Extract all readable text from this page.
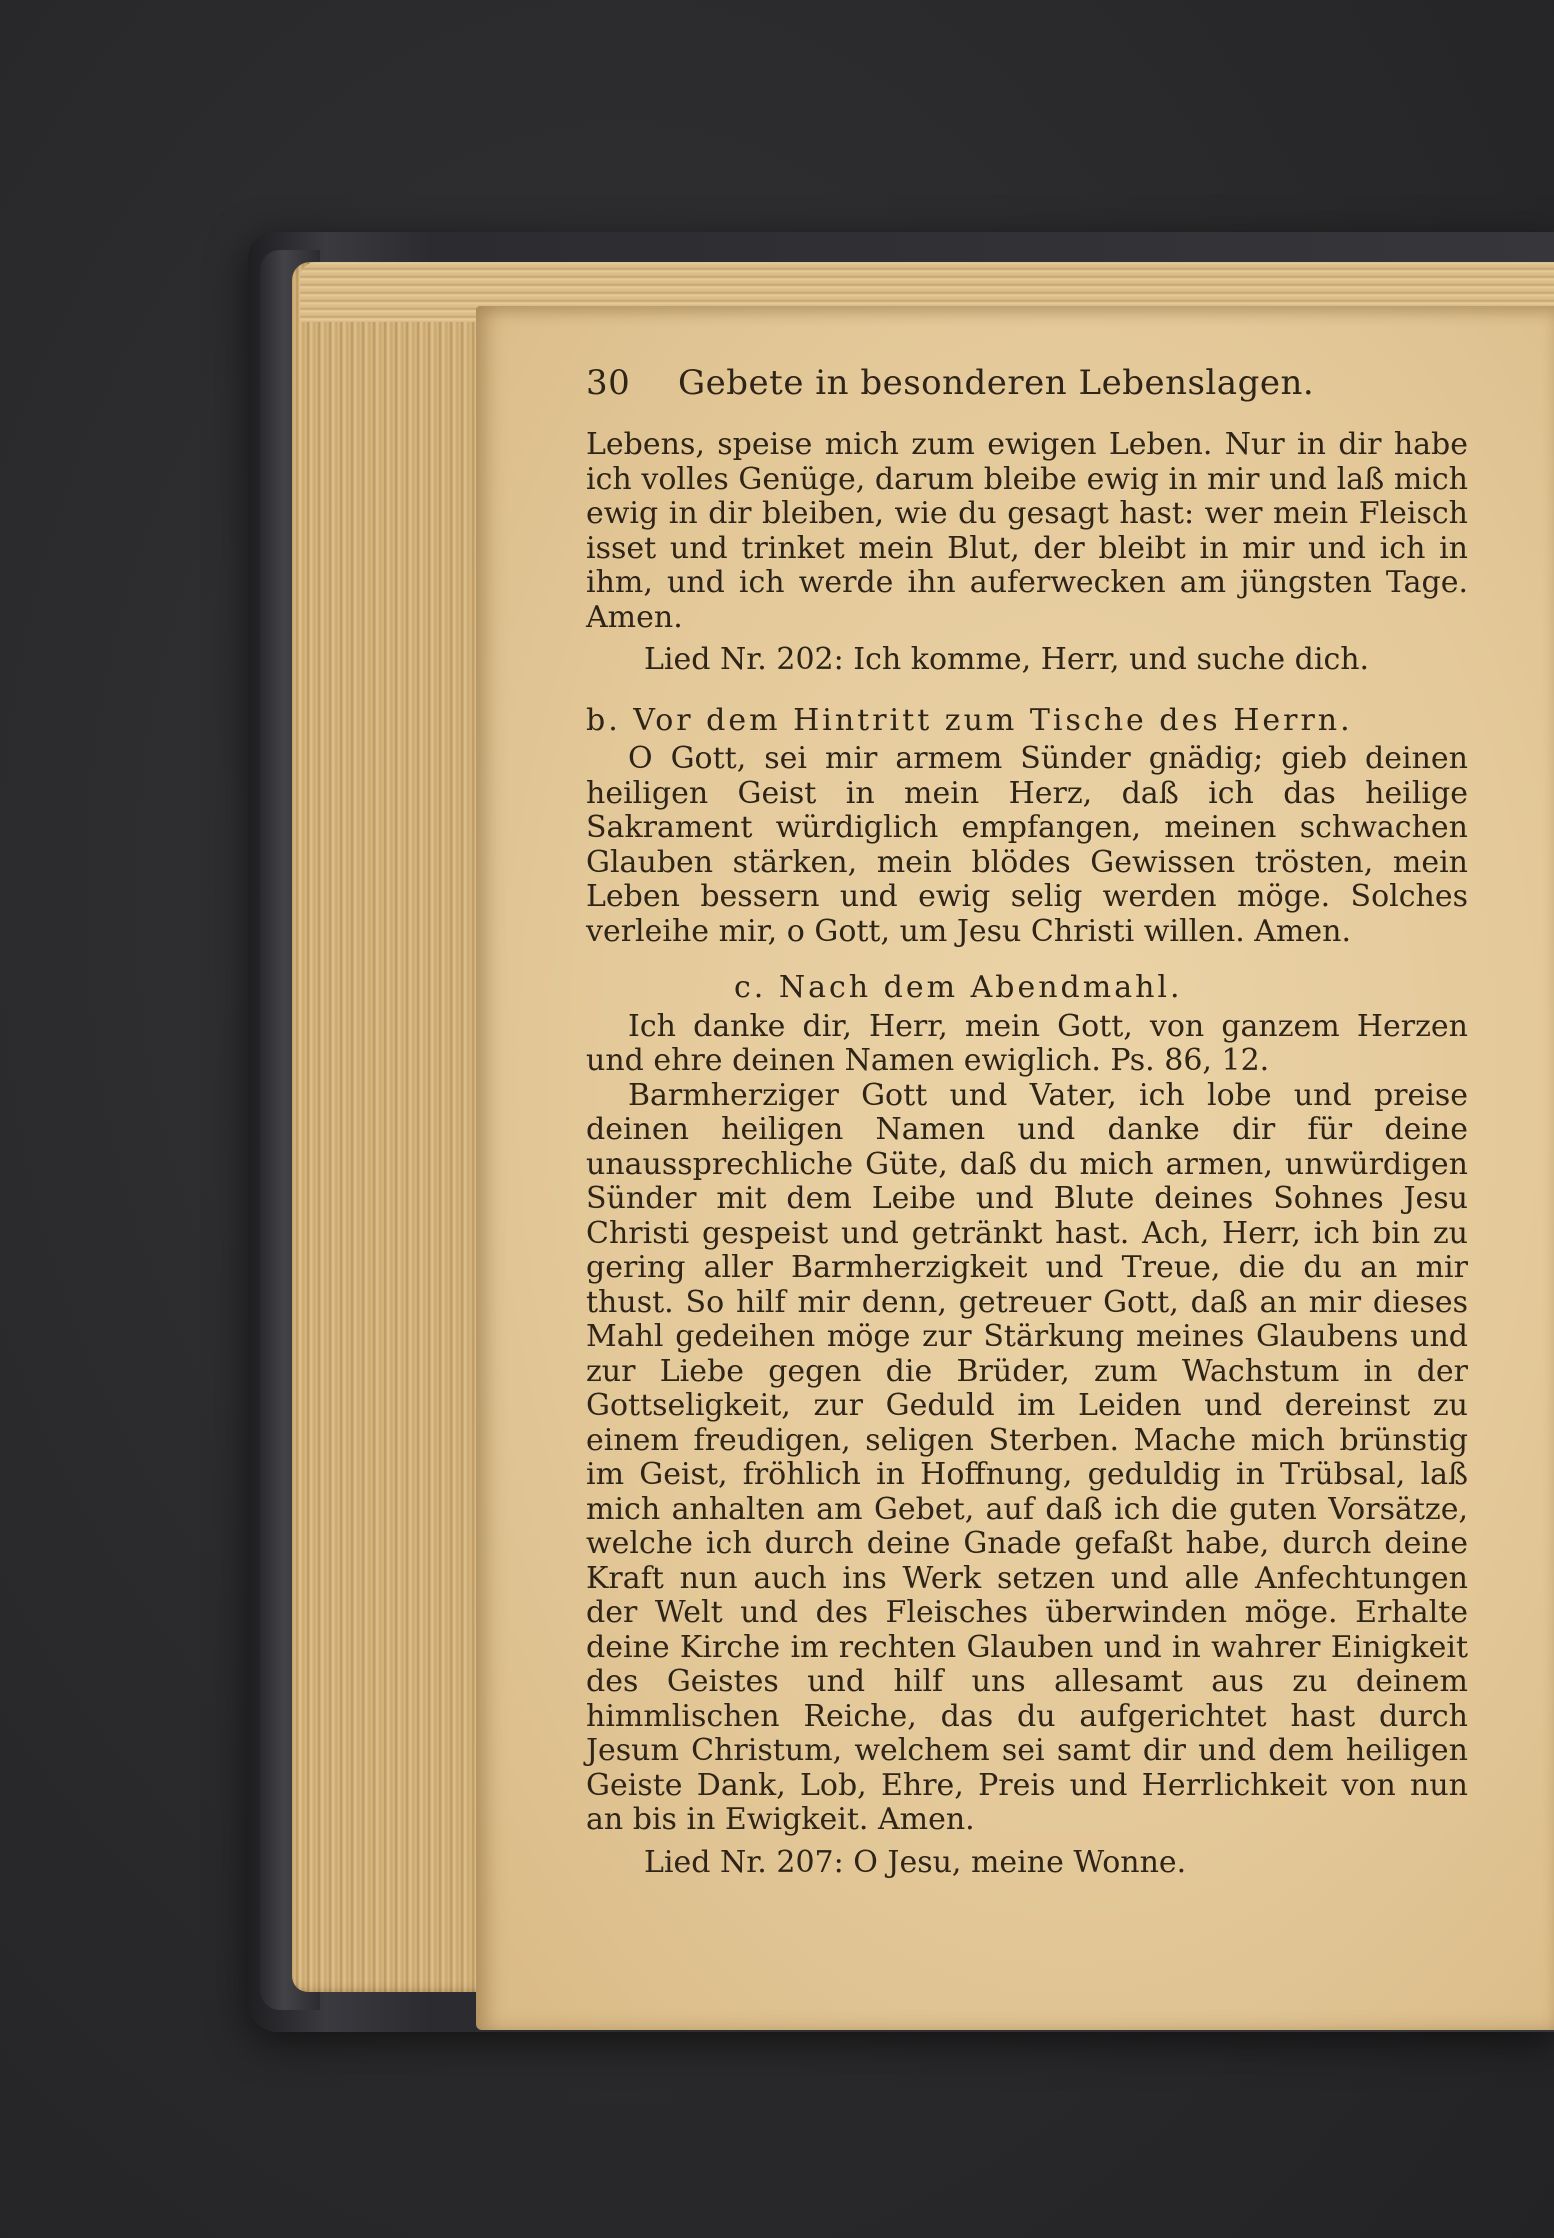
30	Gebete in besonderen Lebenslagen.

Lebens, speise mich zum ewigen Leben. Nur in dir habe ich volles Genüge, darum bleibe ewig in mir und laß mich ewig in dir bleiben, wie du gesagt hast: wer mein Fleisch isset und trinket mein Blut, der bleibt in mir und ich in ihm, und ich werde ihn auferwecken am jüngsten Tage. Amen.

Lied Nr. 202: Ich komme, Herr, und suche dich.

b. Vor dem Hintritt zum Tische des Herrn.

O Gott, sei mir armem Sünder gnädig; gieb deinen heiligen Geist in mein Herz, daß ich das heilige Sakrament würdiglich empfangen, meinen schwachen Glauben stärken, mein blödes Gewissen trösten, mein Leben bessern und ewig selig werden möge. Solches verleihe mir, o Gott, um Jesu Christi willen. Amen.

c. Nach dem Abendmahl.

Ich danke dir, Herr, mein Gott, von ganzem Herzen und ehre deinen Namen ewiglich. Ps. 86, 12.

Barmherziger Gott und Vater, ich lobe und preise deinen heiligen Namen und danke dir für deine unaussprechliche Güte, daß du mich armen, unwürdigen Sünder mit dem Leibe und Blute deines Sohnes Jesu Christi gespeist und getränkt hast. Ach, Herr, ich bin zu gering aller Barmherzigkeit und Treue, die du an mir thust. So hilf mir denn, getreuer Gott, daß an mir dieses Mahl gedeihen möge zur Stärkung meines Glaubens und zur Liebe gegen die Brüder, zum Wachstum in der Gottseligkeit, zur Geduld im Leiden und dereinst zu einem freudigen, seligen Sterben. Mache mich brünstig im Geist, fröhlich in Hoffnung, geduldig in Trübsal, laß mich anhalten am Gebet, auf daß ich die guten Vorsätze, welche ich durch deine Gnade gefaßt habe, durch deine Kraft nun auch ins Werk setzen und alle Anfechtungen der Welt und des Fleisches überwinden möge. Erhalte deine Kirche im rechten Glauben und in wahrer Einigkeit des Geistes und hilf uns allesamt aus zu deinem himmlischen Reiche, das du aufgerichtet hast durch Jesum Christum, welchem sei samt dir und dem heiligen Geiste Dank, Lob, Ehre, Preis und Herrlichkeit von nun an bis in Ewigkeit. Amen.

Lied Nr. 207: O Jesu, meine Wonne.
